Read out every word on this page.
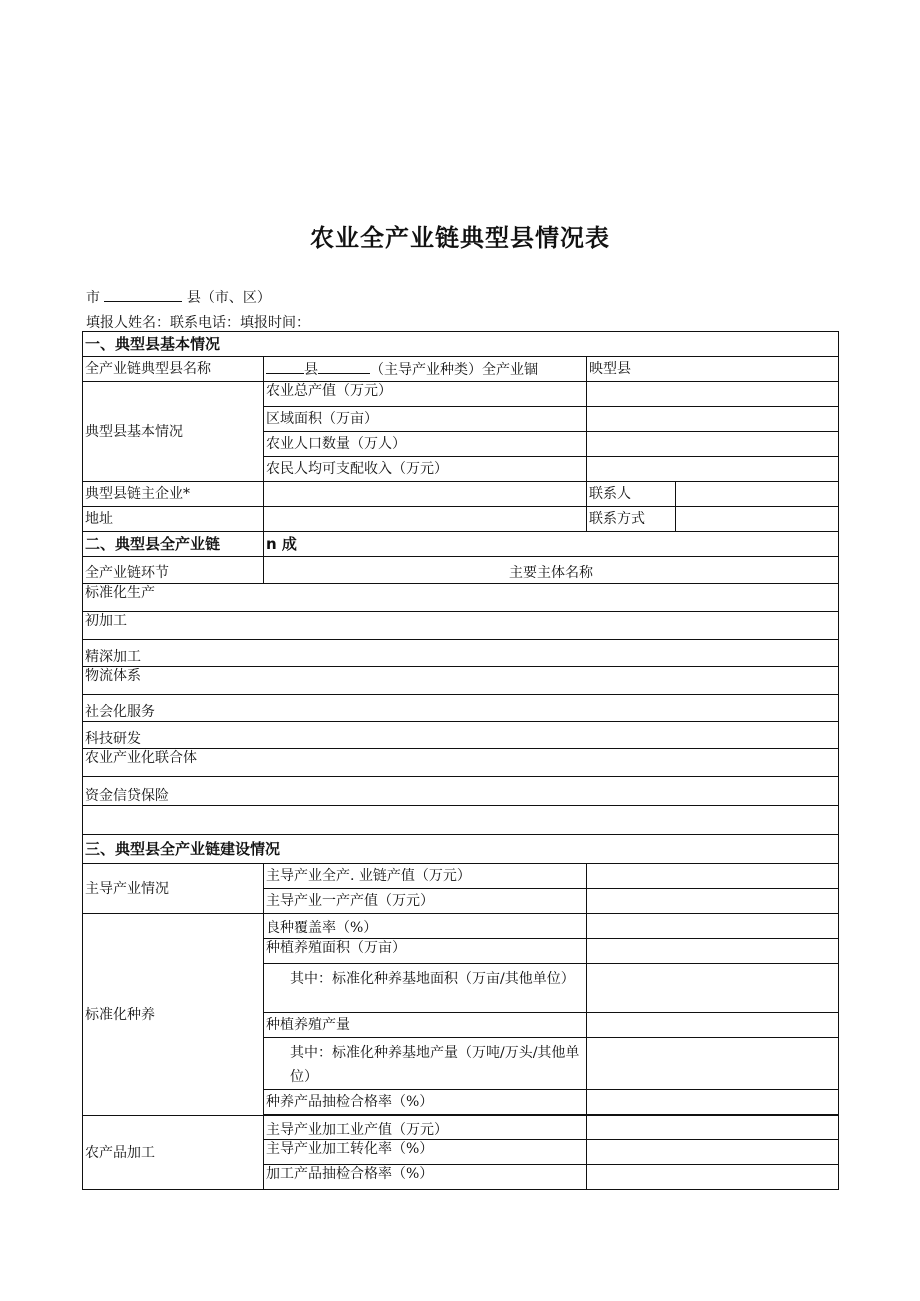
农业全产业链典型县情况表
市	县（市、区）
填报人姓名：联系电话：填报时间：
一、典型县基本情况			
全产业链典型县名称	县 （主导产业种类）全产业锢	映型县	
典型县基本情况	农业总产值（万元）		
	区域面积（万亩）		
	农业人口数量（万人）		
	农民人均可支配收入（万元）		
典型县链主企业*		联系人	
地址		联系方式	
二、典型县全产业链	n 成		
全产业链环节	主要主体名称		
标准化生产			
初加工			
精深加工			
物流体系			
社会化服务			
科技研发			
农业产业化联合体			
资金信贷保险			

三、典型县全产业链建设情况			
主导产业情况	主导产业全产. 业链产值（万元）		
	主导产业一产产值（万元）		
标准化种养	良种覆盖率（%）		
	种植养殖面积（万亩）		
	其中：标准化种养基地面积（万亩/其他单位）		
	种植养殖产量		
	其中：标准化种养基地产量（万吨/万头/其他单位）		
	种养产品抽检合格率（%）		

农产品加工	主导产业加工业产值（万元）		
	主导产业加工转化率（%）		
	加工产品抽检合格率（%）		
